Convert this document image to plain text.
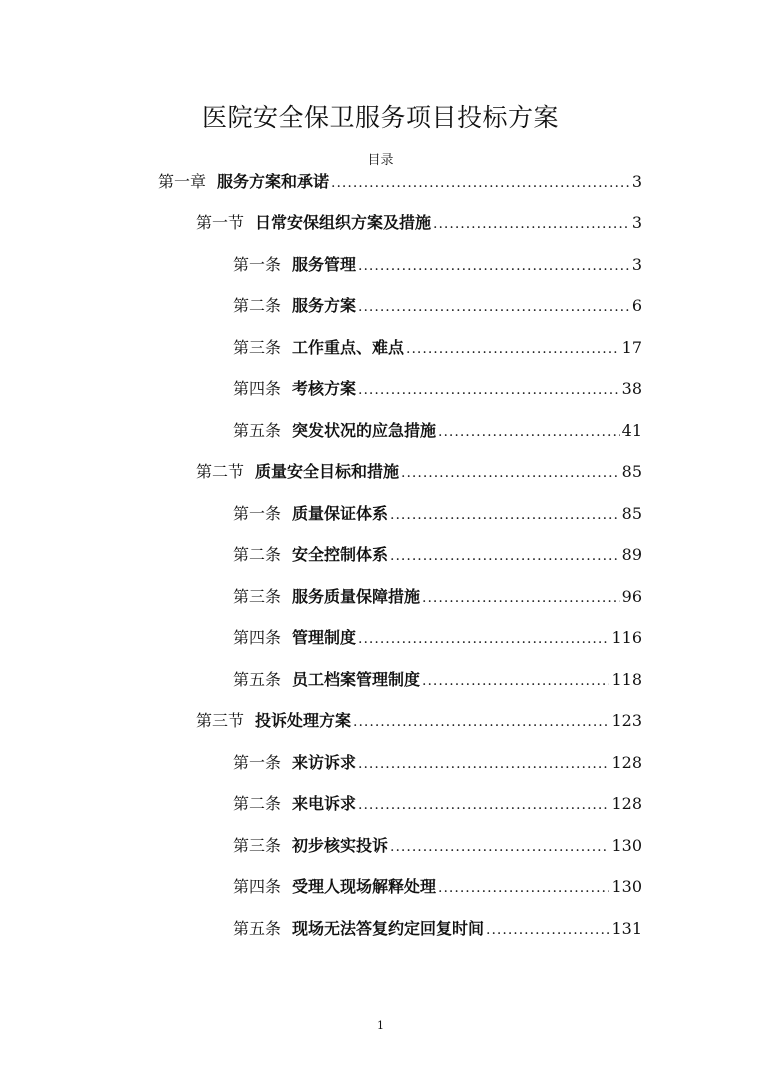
医院安全保卫服务项目投标方案
目录
第一章 服务方案和承诺 .....	3
第一节 日常安保组织方案及措施 .....	3
第一条 服务管理 .....	3
第二条 服务方案 .....	6
第三条 工作重点、难点 .....	17
第四条 考核方案 .....	38
第五条 突发状况的应急措施 .....	41
第二节 质量安全目标和措施 .....	85
第一条 质量保证体系 .....	85
第二条 安全控制体系 .....	89
第三条 服务质量保障措施 .....	96
第四条 管理制度 .....	116
第五条 员工档案管理制度 .....	118
第三节 投诉处理方案 .....	123
第一条 来访诉求 .....	128
第二条 来电诉求 .....	128
第三条 初步核实投诉 .....	130
第四条 受理人现场解释处理 .....	130
第五条 现场无法答复约定回复时间 .....	131
1
